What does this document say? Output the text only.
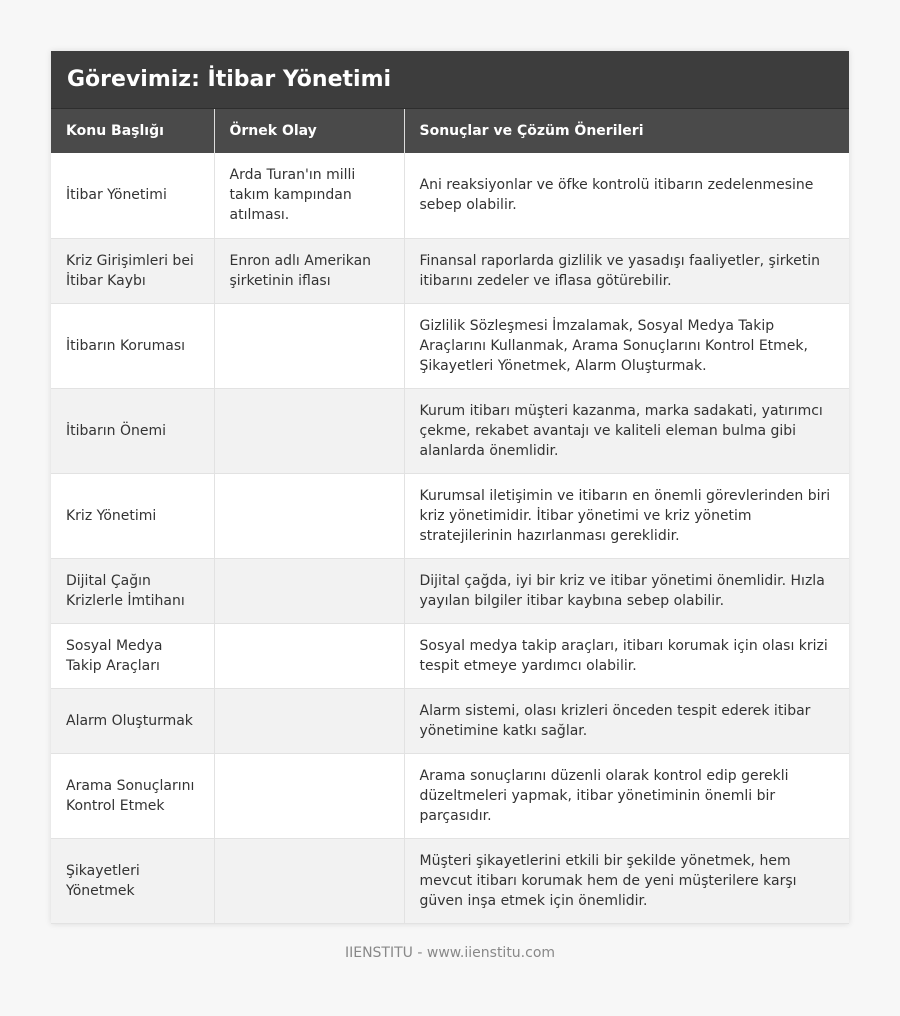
Görevimiz: İtibar Yönetimi
Konu Başlığı	Örnek Olay	Sonuçlar ve Çözüm Önerileri
İtibar Yönetimi	Arda Turan'ın milli takım kampından atılması.	Ani reaksiyonlar ve öfke kontrolü itibarın zedelenmesine sebep olabilir.
Kriz Girişimleri bei İtibar Kaybı	Enron adlı Amerikan şirketinin iflası	Finansal raporlarda gizlilik ve yasadışı faaliyetler, şirketin itibarını zedeler ve iflasa götürebilir.
İtibarın Koruması		Gizlilik Sözleşmesi İmzalamak, Sosyal Medya Takip Araçlarını Kullanmak, Arama Sonuçlarını Kontrol Etmek, Şikayetleri Yönetmek, Alarm Oluşturmak.
İtibarın Önemi		Kurum itibarı müşteri kazanma, marka sadakati, yatırımcı çekme, rekabet avantajı ve kaliteli eleman bulma gibi alanlarda önemlidir.
Kriz Yönetimi		Kurumsal iletişimin ve itibarın en önemli görevlerinden biri kriz yönetimidir. İtibar yönetimi ve kriz yönetim stratejilerinin hazırlanması gereklidir.
Dijital Çağın Krizlerle İmtihanı		Dijital çağda, iyi bir kriz ve itibar yönetimi önemlidir. Hızla yayılan bilgiler itibar kaybına sebep olabilir.
Sosyal Medya Takip Araçları		Sosyal medya takip araçları, itibarı korumak için olası krizi tespit etmeye yardımcı olabilir.
Alarm Oluşturmak		Alarm sistemi, olası krizleri önceden tespit ederek itibar yönetimine katkı sağlar.
Arama Sonuçlarını Kontrol Etmek		Arama sonuçlarını düzenli olarak kontrol edip gerekli düzeltmeleri yapmak, itibar yönetiminin önemli bir parçasıdır.
Şikayetleri Yönetmek		Müşteri şikayetlerini etkili bir şekilde yönetmek, hem mevcut itibarı korumak hem de yeni müşterilere karşı güven inşa etmek için önemlidir.
IIENSTITU - www.iienstitu.com
